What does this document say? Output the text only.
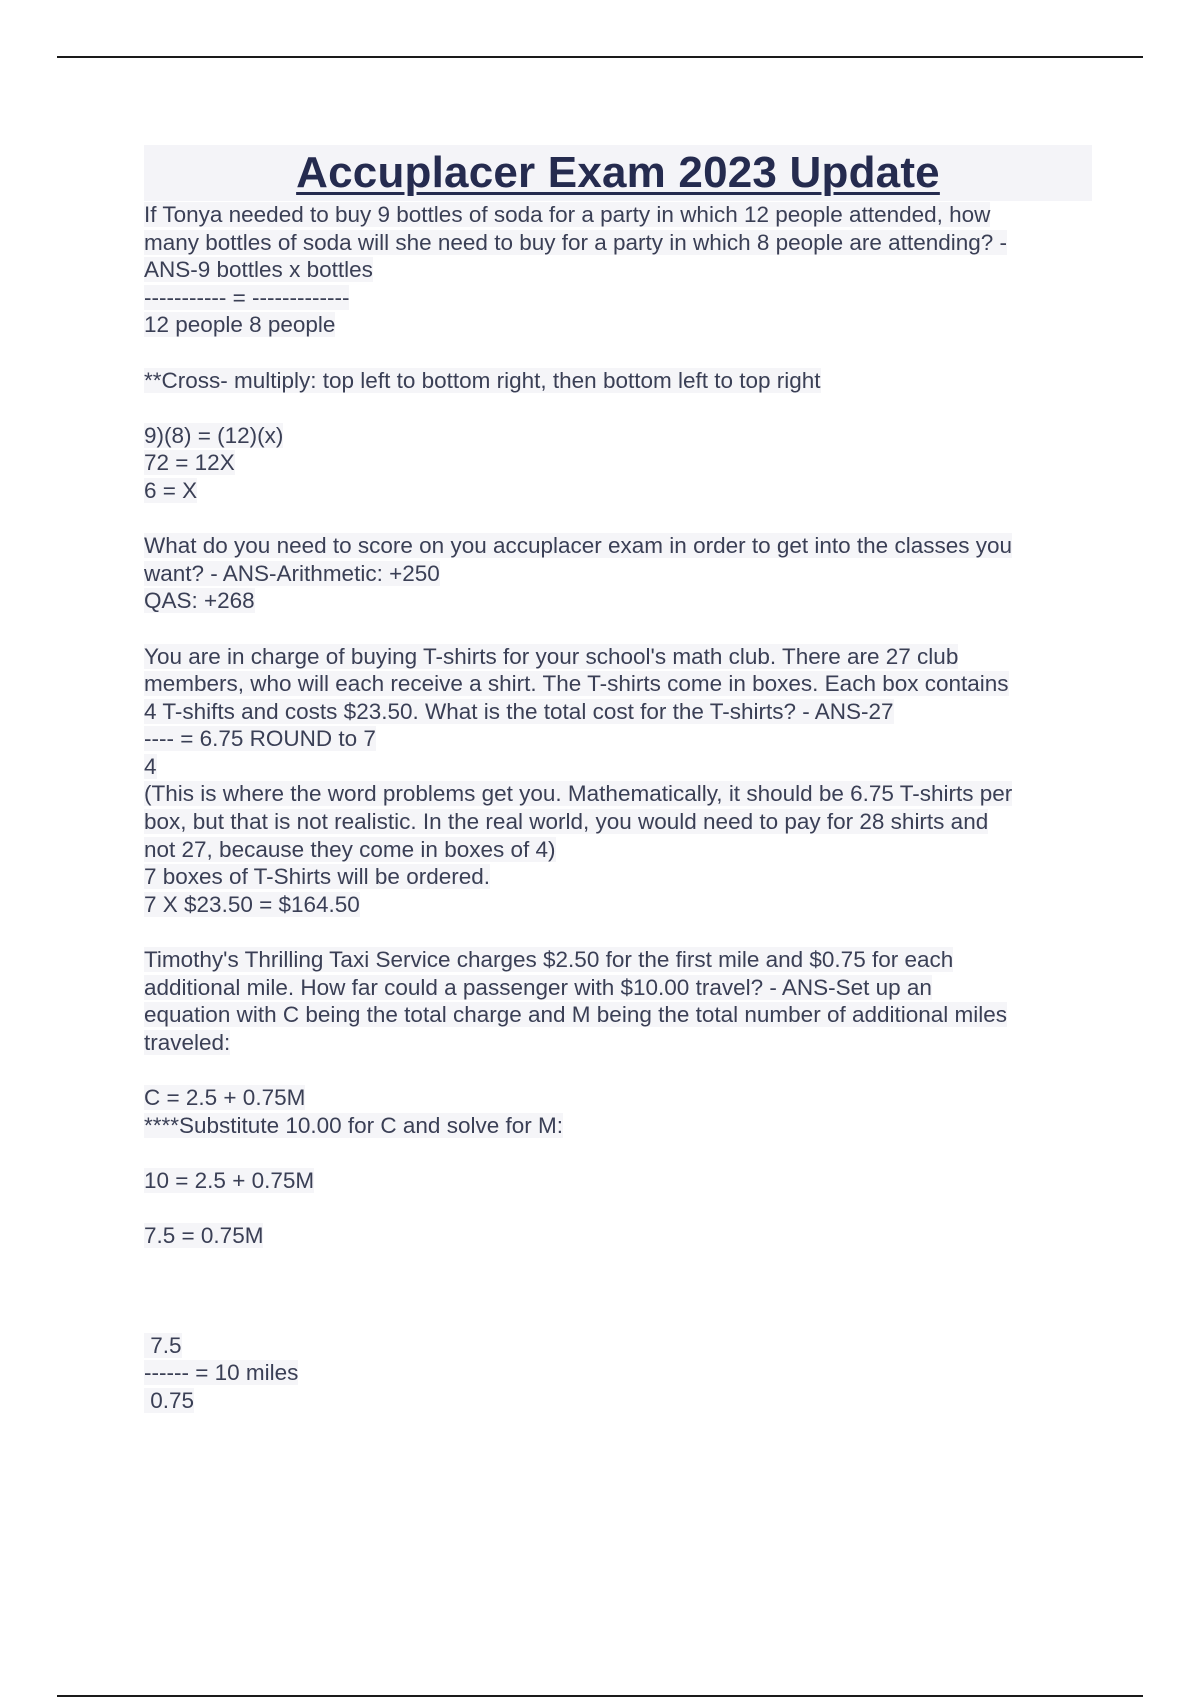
Accuplacer Exam 2023 Update
If Tonya needed to buy 9 bottles of soda for a party in which 12 people attended, how
many bottles of soda will she need to buy for a party in which 8 people are attending? -
ANS-9 bottles x bottles
----------- = -------------
12 people 8 people
**Cross- multiply: top left to bottom right, then bottom left to top right
9)(8) = (12)(x)
72 = 12X
6 = X
What do you need to score on you accuplacer exam in order to get into the classes you
want? - ANS-Arithmetic: +250
QAS: +268
You are in charge of buying T-shirts for your school's math club. There are 27 club
members, who will each receive a shirt. The T-shirts come in boxes. Each box contains
4 T-shifts and costs $23.50. What is the total cost for the T-shirts? - ANS-27
---- = 6.75 ROUND to 7
4
(This is where the word problems get you. Mathematically, it should be 6.75 T-shirts per
box, but that is not realistic. In the real world, you would need to pay for 28 shirts and
not 27, because they come in boxes of 4)
7 boxes of T-Shirts will be ordered.
7 X $23.50 = $164.50
Timothy's Thrilling Taxi Service charges $2.50 for the first mile and $0.75 for each
additional mile. How far could a passenger with $10.00 travel? - ANS-Set up an
equation with C being the total charge and M being the total number of additional miles
traveled:
C = 2.5 + 0.75M
****Substitute 10.00 for C and solve for M:
10 = 2.5 + 0.75M
7.5 = 0.75M
7.5
------ = 10 miles
0.75
